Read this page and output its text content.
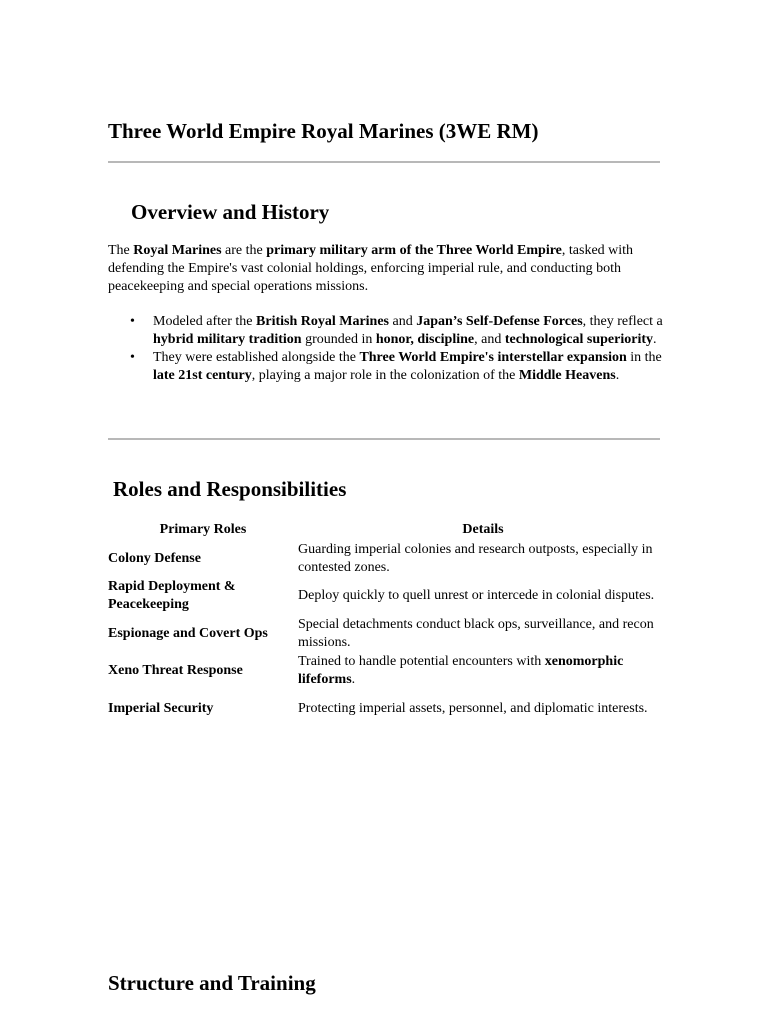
Three World Empire Royal Marines (3WE RM)
Overview and History

The Royal Marines are the primary military arm of the Three World Empire, tasked with defending the Empire's vast colonial holdings, enforcing imperial rule, and conducting both peacekeeping and special operations missions.

• Modeled after the British Royal Marines and Japan’s Self-Defense Forces, they reflect a hybrid military tradition grounded in honor, discipline, and technological superiority.
• They were established alongside the Three World Empire's interstellar expansion in the late 21st century, playing a major role in the colonization of the Middle Heavens.
Roles and Responsibilities
Primary Roles	Details
Colony Defense	Guarding imperial colonies and research outposts, especially in contested zones.
Rapid Deployment & Peacekeeping	Deploy quickly to quell unrest or intercede in colonial disputes.
Espionage and Covert Ops	Special detachments conduct black ops, surveillance, and recon missions.
Xeno Threat Response	Trained to handle potential encounters with xenomorphic lifeforms.
Imperial Security	Protecting imperial assets, personnel, and diplomatic interests.
Structure and Training
